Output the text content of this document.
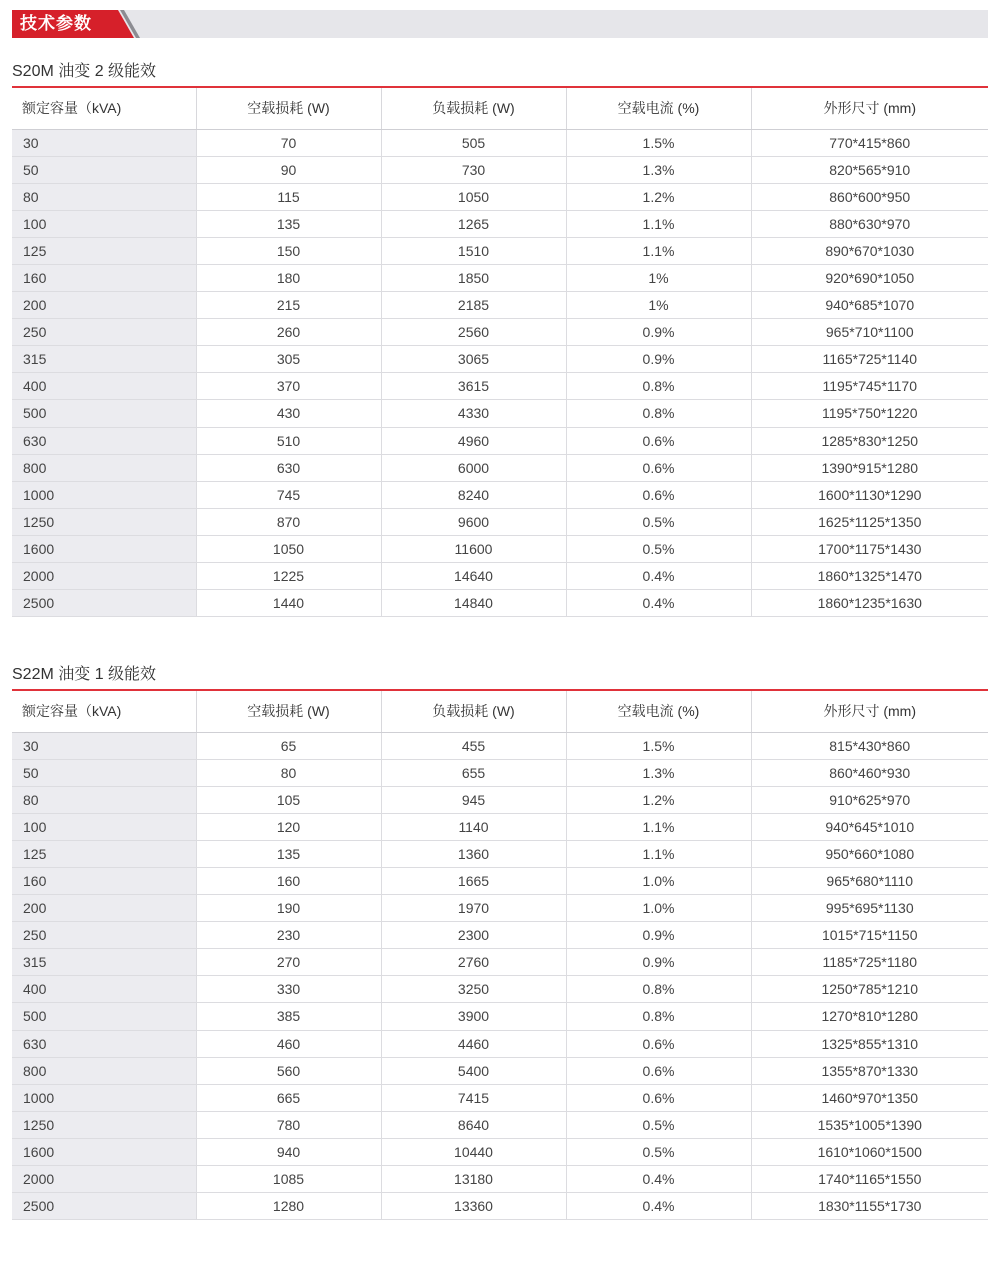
技术参数
S20M 油变 2 级能效
额定容量（kVA)	空载损耗 (W)	负载损耗 (W)	空载电流 (%)	外形尺寸 (mm)
30	70	505	1.5%	770*415*860
50	90	730	1.3%	820*565*910
80	115	1050	1.2%	860*600*950
100	135	1265	1.1%	880*630*970
125	150	1510	1.1%	890*670*1030
160	180	1850	1%	920*690*1050
200	215	2185	1%	940*685*1070
250	260	2560	0.9%	965*710*1100
315	305	3065	0.9%	1165*725*1140
400	370	3615	0.8%	1195*745*1170
500	430	4330	0.8%	1195*750*1220
630	510	4960	0.6%	1285*830*1250
800	630	6000	0.6%	1390*915*1280
1000	745	8240	0.6%	1600*1130*1290
1250	870	9600	0.5%	1625*1125*1350
1600	1050	11600	0.5%	1700*1175*1430
2000	1225	14640	0.4%	1860*1325*1470
2500	1440	14840	0.4%	1860*1235*1630
S22M 油变 1 级能效
额定容量（kVA)	空载损耗 (W)	负载损耗 (W)	空载电流 (%)	外形尺寸 (mm)
30	65	455	1.5%	815*430*860
50	80	655	1.3%	860*460*930
80	105	945	1.2%	910*625*970
100	120	1140	1.1%	940*645*1010
125	135	1360	1.1%	950*660*1080
160	160	1665	1.0%	965*680*1110
200	190	1970	1.0%	995*695*1130
250	230	2300	0.9%	1015*715*1150
315	270	2760	0.9%	1185*725*1180
400	330	3250	0.8%	1250*785*1210
500	385	3900	0.8%	1270*810*1280
630	460	4460	0.6%	1325*855*1310
800	560	5400	0.6%	1355*870*1330
1000	665	7415	0.6%	1460*970*1350
1250	780	8640	0.5%	1535*1005*1390
1600	940	10440	0.5%	1610*1060*1500
2000	1085	13180	0.4%	1740*1165*1550
2500	1280	13360	0.4%	1830*1155*1730
